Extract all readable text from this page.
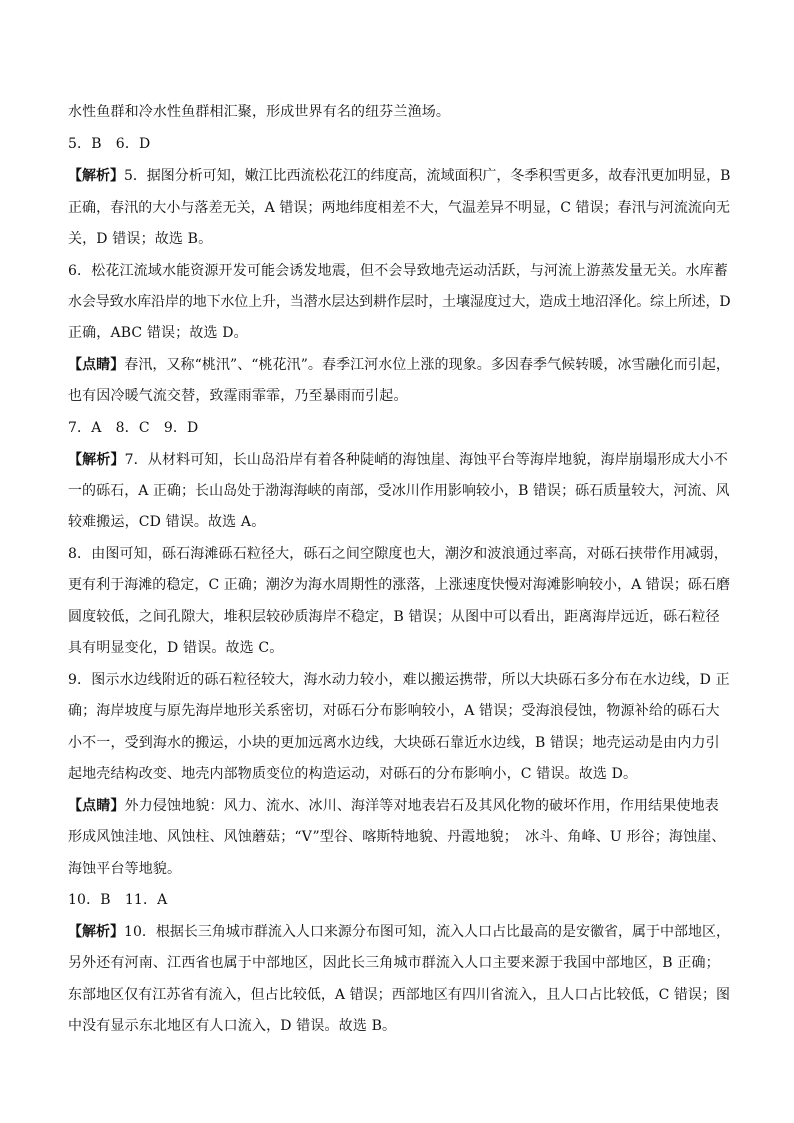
水性鱼群和冷水性鱼群相汇聚，形成世界有名的纽芬兰渔场。
5．B　6．D
【解析】5．据图分析可知，嫩江比西流松花江的纬度高，流域面积广，冬季积雪更多，故春汛更加明显，B
正确，春汛的大小与落差无关，A 错误；两地纬度相差不大，气温差异不明显，C 错误；春汛与河流流向无
关，D 错误；故选 B。
6．松花江流域水能资源开发可能会诱发地震，但不会导致地壳运动活跃，与河流上游蒸发量无关。水库蓄
水会导致水库沿岸的地下水位上升，当潜水层达到耕作层时，土壤湿度过大，造成土地沼泽化。综上所述，D
正确，ABC 错误；故选 D。
【点睛】春汛，又称“桃汛”、“桃花汛”。春季江河水位上涨的现象。多因春季气候转暖，冰雪融化而引起，
也有因冷暖气流交替，致霪雨霏霏，乃至暴雨而引起。
7．A　8．C　9．D
【解析】7．从材料可知，长山岛沿岸有着各种陡峭的海蚀崖、海蚀平台等海岸地貌，海岸崩塌形成大小不
一的砾石，A 正确；长山岛处于渤海海峡的南部，受冰川作用影响较小，B 错误；砾石质量较大，河流、风
较难搬运，CD 错误。故选 A。
8．由图可知，砾石海滩砾石粒径大，砾石之间空隙度也大，潮汐和波浪通过率高，对砾石挟带作用减弱，
更有利于海滩的稳定，C 正确；潮汐为海水周期性的涨落，上涨速度快慢对海滩影响较小，A 错误；砾石磨
圆度较低，之间孔隙大，堆积层较砂质海岸不稳定，B 错误；从图中可以看出，距离海岸远近，砾石粒径
具有明显变化，D 错误。故选 C。
9．图示水边线附近的砾石粒径较大，海水动力较小，难以搬运携带，所以大块砾石多分布在水边线，D 正
确；海岸坡度与原先海岸地形关系密切，对砾石分布影响较小，A 错误；受海浪侵蚀，物源补给的砾石大
小不一，受到海水的搬运，小块的更加远离水边线，大块砾石靠近水边线，B 错误；地壳运动是由内力引
起地壳结构改变、地壳内部物质变位的构造运动，对砾石的分布影响小，C 错误。故选 D。
【点睛】外力侵蚀地貌：风力、流水、冰川、海洋等对地表岩石及其风化物的破坏作用，作用结果使地表
形成风蚀洼地、风蚀柱、风蚀蘑菇；“V”型谷、喀斯特地貌、丹霞地貌；　冰斗、角峰、U 形谷；海蚀崖、
海蚀平台等地貌。
10．B　11．A
【解析】10．根据长三角城市群流入人口来源分布图可知，流入人口占比最高的是安徽省，属于中部地区，
另外还有河南、江西省也属于中部地区，因此长三角城市群流入人口主要来源于我国中部地区，B 正确；
东部地区仅有江苏省有流入，但占比较低，A 错误；西部地区有四川省流入，且人口占比较低，C 错误；图
中没有显示东北地区有人口流入，D 错误。故选 B。
